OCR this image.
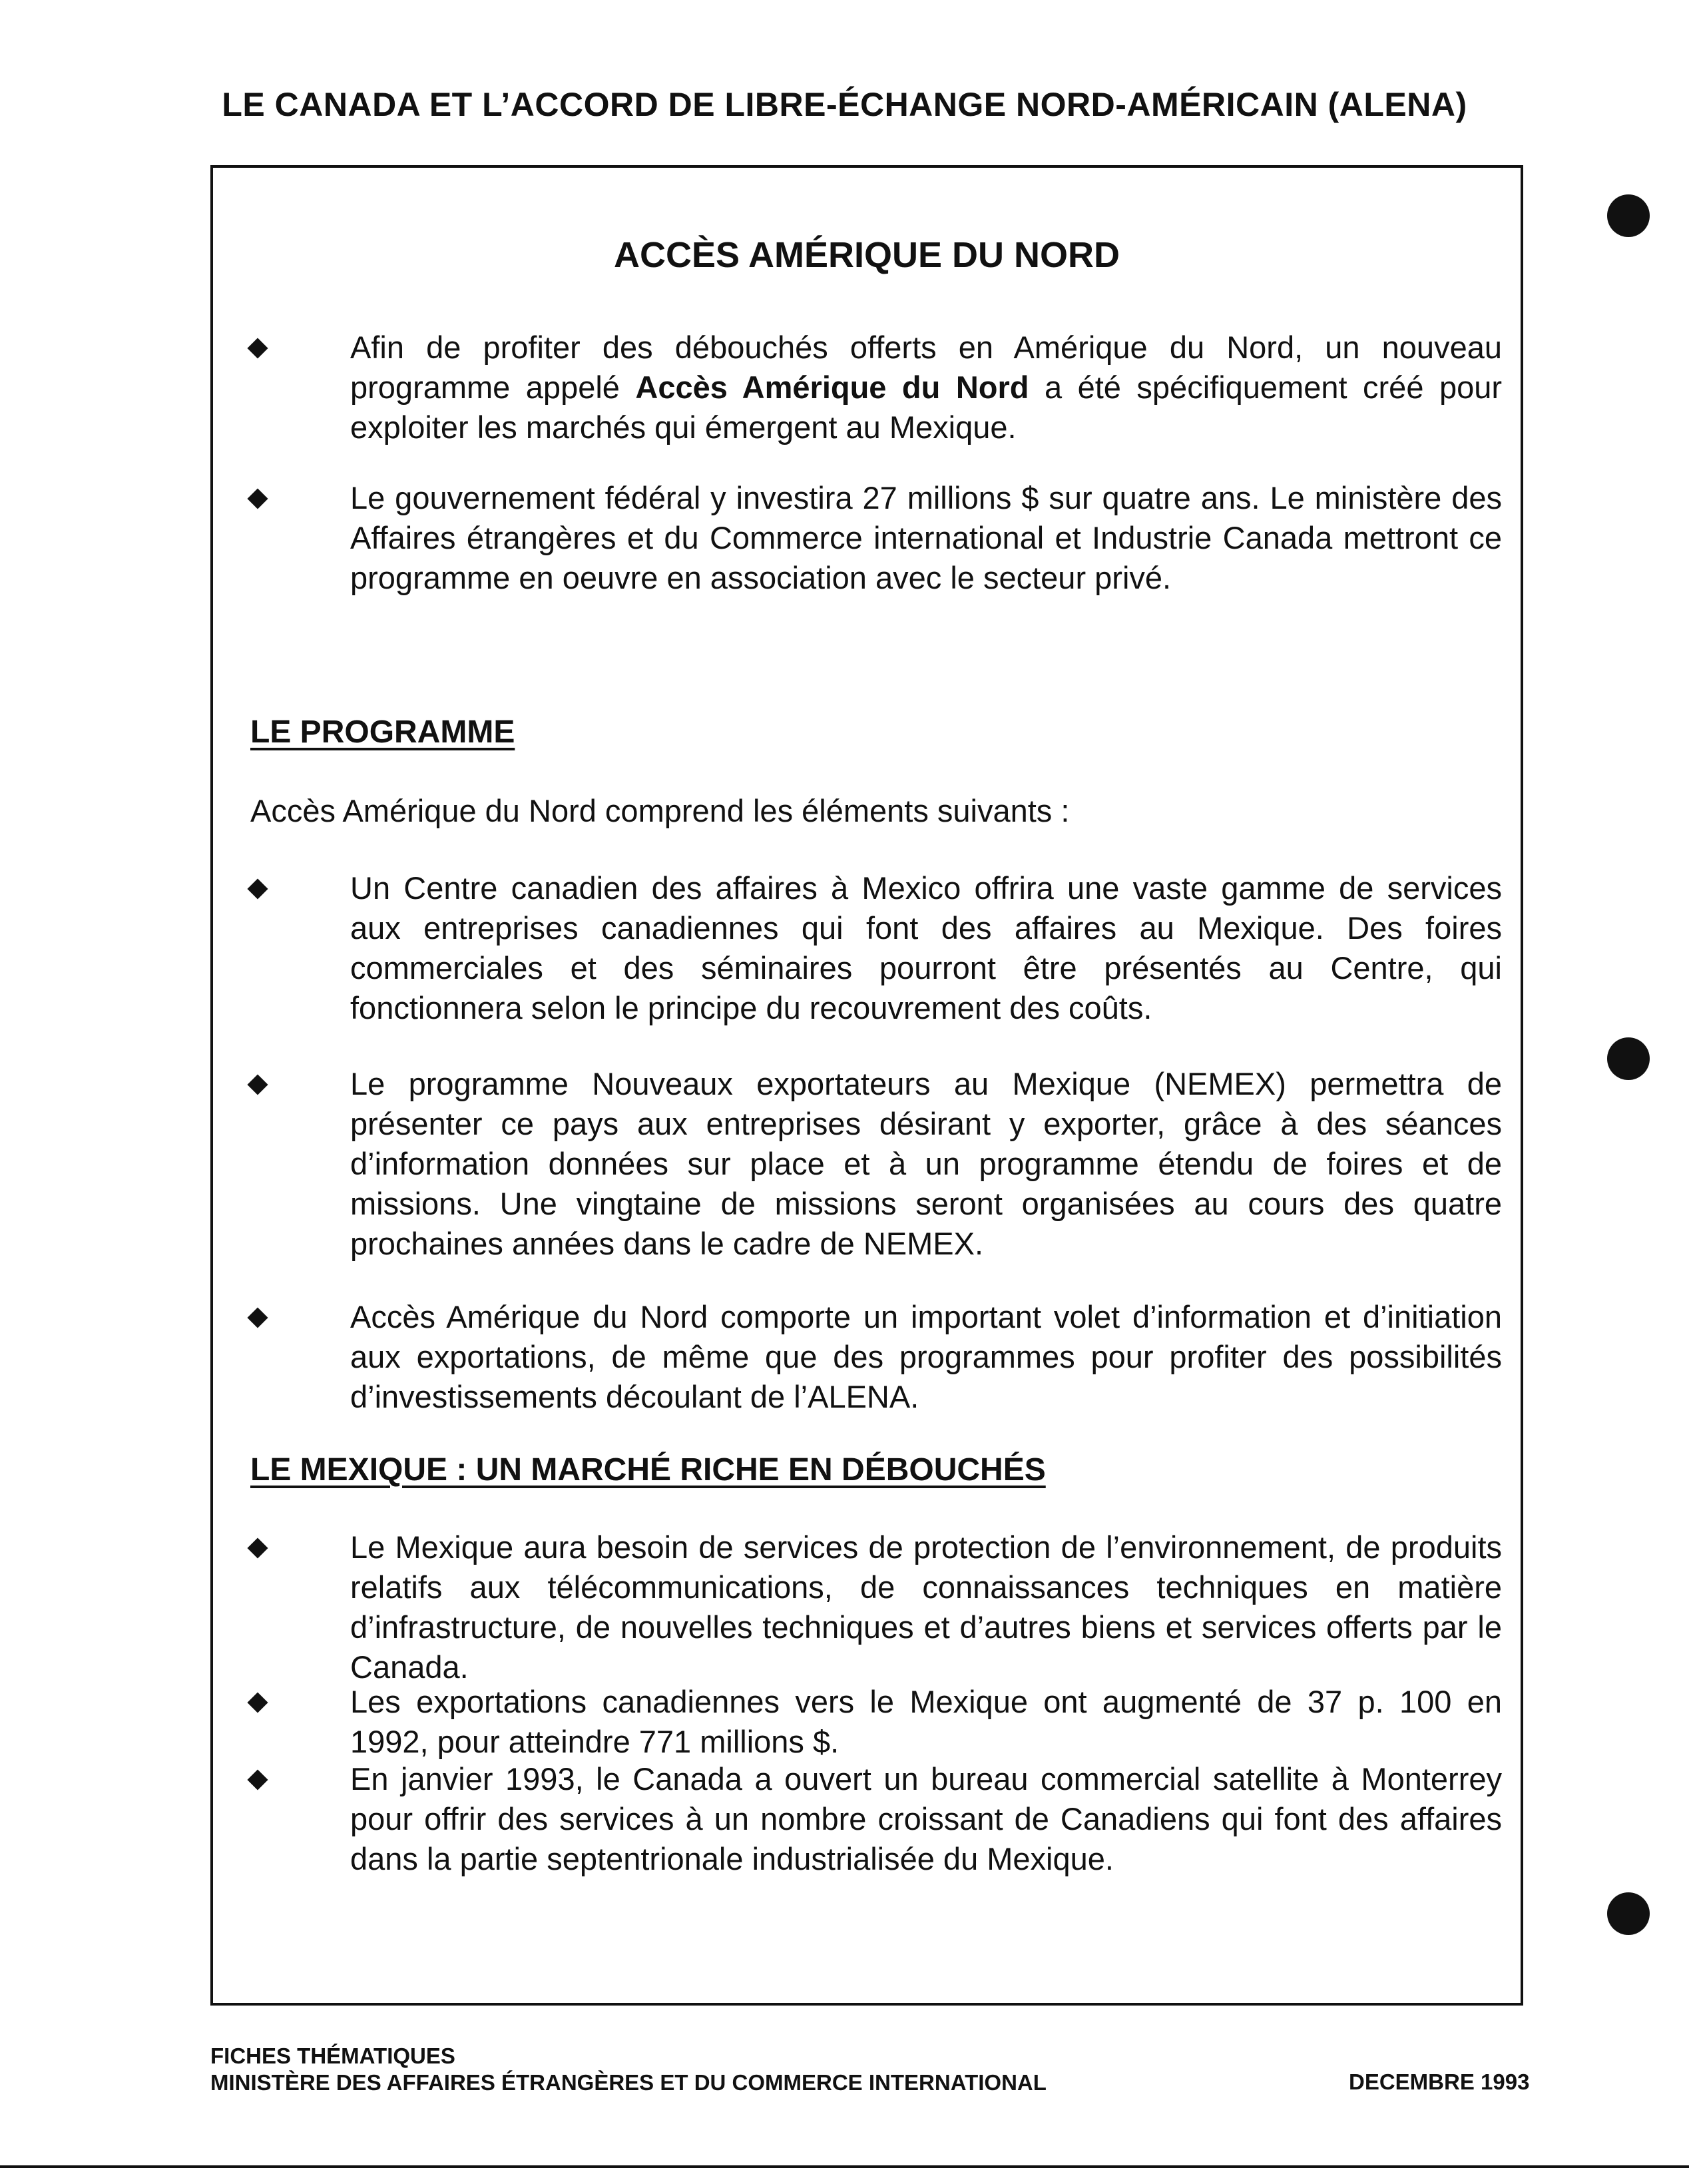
LE CANADA ET L’ACCORD DE LIBRE-ÉCHANGE NORD-AMÉRICAIN (ALENA)
ACCÈS AMÉRIQUE DU NORD
Afin de profiter des débouchés offerts en Amérique du Nord, un nouveau programme appelé Accès Amérique du Nord a été spécifiquement créé pour exploiter les marchés qui émergent au Mexique.
Le gouvernement fédéral y investira 27 millions $ sur quatre ans. Le ministère des Affaires étrangères et du Commerce international et Industrie Canada mettront ce programme en oeuvre en association avec le secteur privé.
LE PROGRAMME
Accès Amérique du Nord comprend les éléments suivants :
Un Centre canadien des affaires à Mexico offrira une vaste gamme de services aux entreprises canadiennes qui font des affaires au Mexique. Des foires commerciales et des séminaires pourront être présentés au Centre, qui fonctionnera selon le principe du recouvrement des coûts.
Le programme Nouveaux exportateurs au Mexique (NEMEX) permettra de présenter ce pays aux entreprises désirant y exporter, grâce à des séances d’information données sur place et à un programme étendu de foires et de missions. Une vingtaine de missions seront organisées au cours des quatre prochaines années dans le cadre de NEMEX.
Accès Amérique du Nord comporte un important volet d’information et d’initiation aux exportations, de même que des programmes pour profiter des possibilités d’investissements découlant de l’ALENA.
LE MEXIQUE : UN MARCHÉ RICHE EN DÉBOUCHÉS
Le Mexique aura besoin de services de protection de l’environnement, de produits relatifs aux télécommunications, de connaissances techniques en matière d’infrastructure, de nouvelles techniques et d’autres biens et services offerts par le Canada.
Les exportations canadiennes vers le Mexique ont augmenté de 37 p. 100 en 1992, pour atteindre 771 millions $.
En janvier 1993, le Canada a ouvert un bureau commercial satellite à Monterrey pour offrir des services à un nombre croissant de Canadiens qui font des affaires dans la partie septentrionale industrialisée du Mexique.
FICHES THÉMATIQUES
MINISTÈRE DES AFFAIRES ÉTRANGÈRES ET DU COMMERCE INTERNATIONAL	DECEMBRE 1993
